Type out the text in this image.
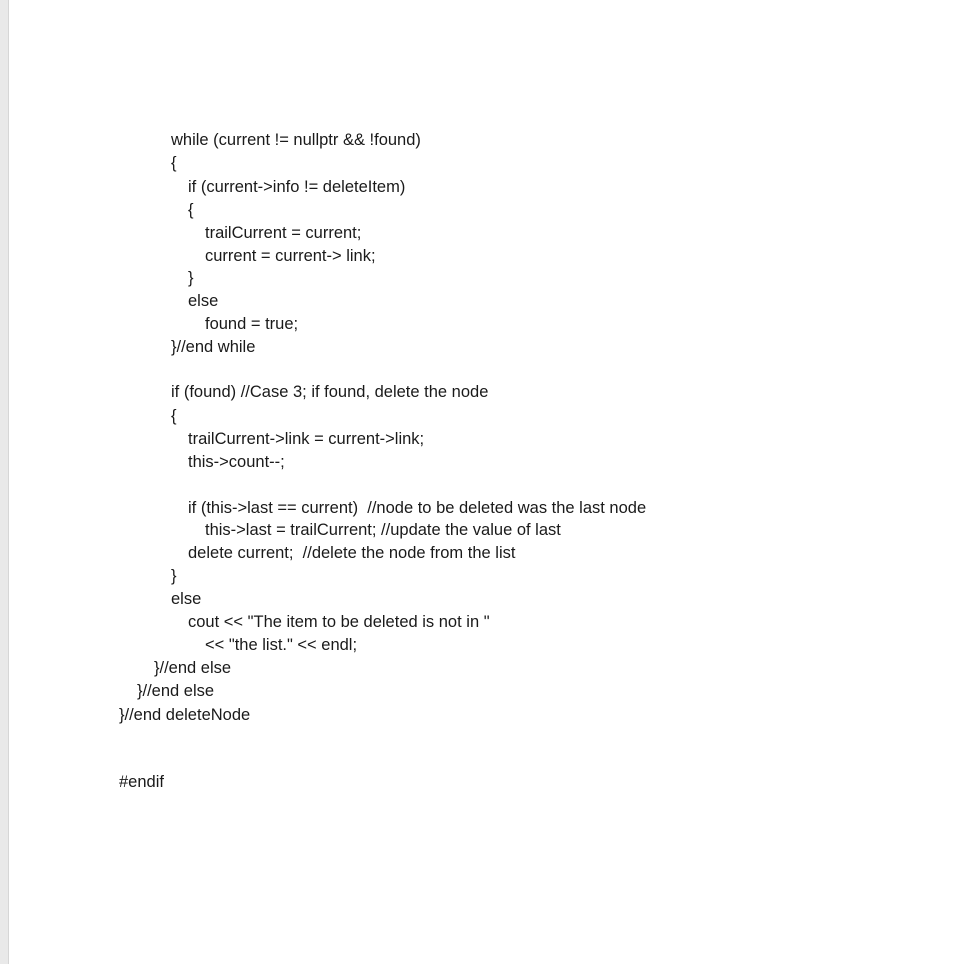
while (current != nullptr && !found)
{
if (current->info != deleteItem)
{
trailCurrent = current;
current = current-> link;
}
else
found = true;
}//end while
if (found) //Case 3; if found, delete the node
{
trailCurrent->link = current->link;
this->count--;
if (this->last == current)  //node to be deleted was the last node
this->last = trailCurrent; //update the value of last
delete current;  //delete the node from the list
}
else
cout << "The item to be deleted is not in "
<< "the list." << endl;
}//end else
}//end else
}//end deleteNode
#endif
